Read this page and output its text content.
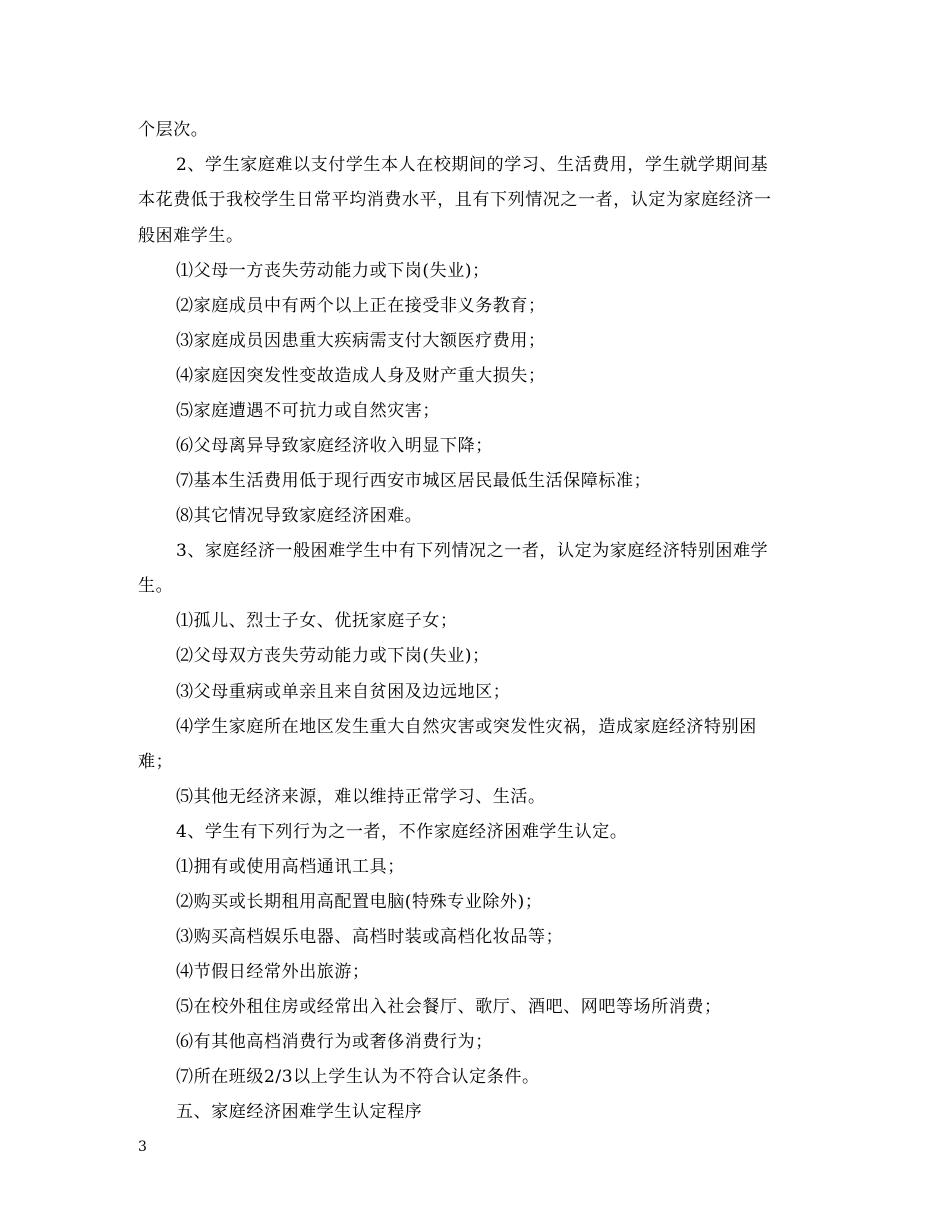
个层次。

2、学生家庭难以支付学生本人在校期间的学习、生活费用，学生就学期间基

本花费低于我校学生日常平均消费水平，且有下列情况之一者，认定为家庭经济一

般困难学生。

⑴父母一方丧失劳动能力或下岗(失业)；

⑵家庭成员中有两个以上正在接受非义务教育；

⑶家庭成员因患重大疾病需支付大额医疗费用；

⑷家庭因突发性变故造成人身及财产重大损失；

⑸家庭遭遇不可抗力或自然灾害；

⑹父母离异导致家庭经济收入明显下降；

⑺基本生活费用低于现行西安市城区居民最低生活保障标准；

⑻其它情况导致家庭经济困难。

3、家庭经济一般困难学生中有下列情况之一者，认定为家庭经济特别困难学

生。

⑴孤儿、烈士子女、优抚家庭子女；

⑵父母双方丧失劳动能力或下岗(失业)；

⑶父母重病或单亲且来自贫困及边远地区；

⑷学生家庭所在地区发生重大自然灾害或突发性灾祸，造成家庭经济特别困

难；

⑸其他无经济来源，难以维持正常学习、生活。

4、学生有下列行为之一者，不作家庭经济困难学生认定。

⑴拥有或使用高档通讯工具；

⑵购买或长期租用高配置电脑(特殊专业除外)；

⑶购买高档娱乐电器、高档时装或高档化妆品等；

⑷节假日经常外出旅游；

⑸在校外租住房或经常出入社会餐厅、歌厅、酒吧、网吧等场所消费；

⑹有其他高档消费行为或奢侈消费行为；

⑺所在班级2/3以上学生认为不符合认定条件。

五、家庭经济困难学生认定程序

3
